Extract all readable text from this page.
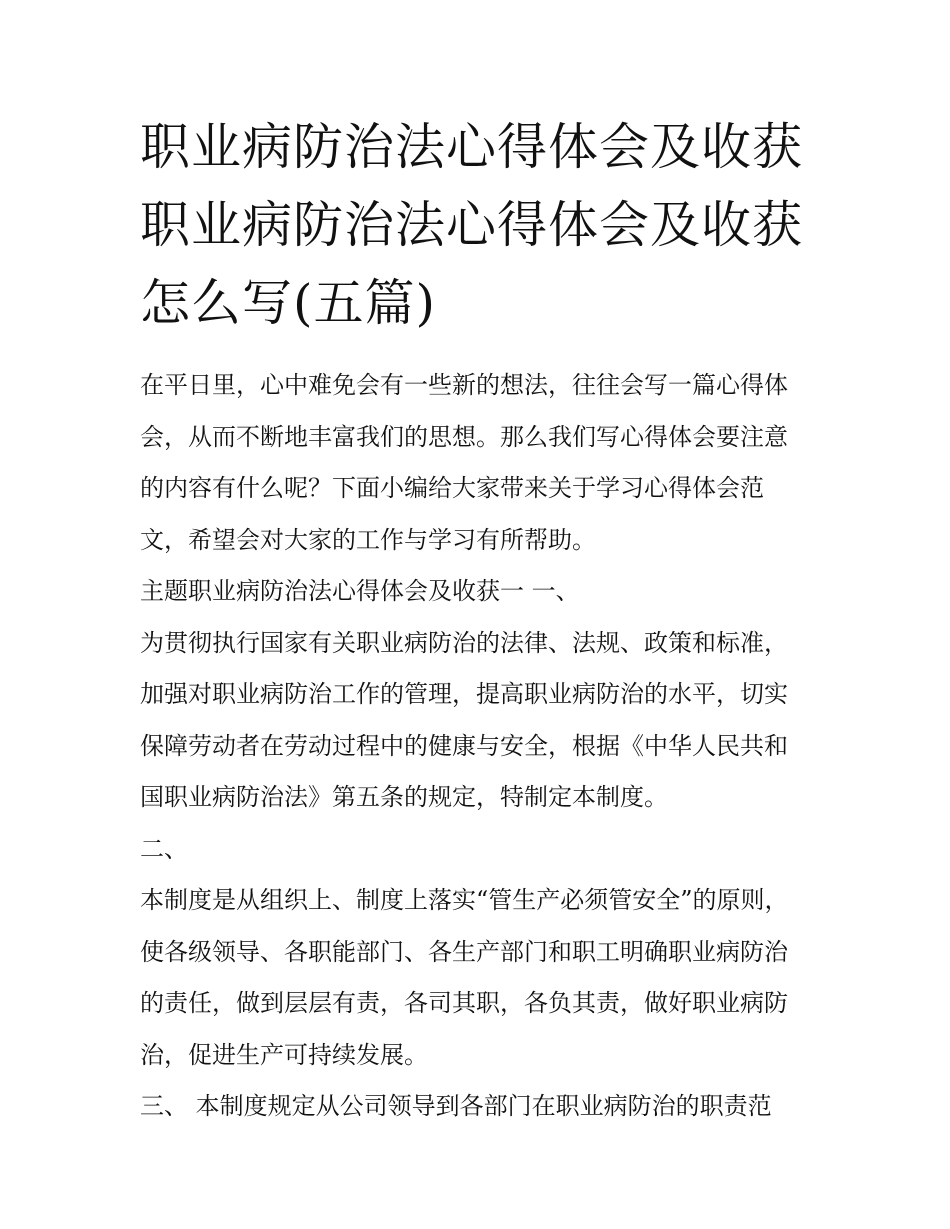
职业病防治法心得体会及收获
职业病防治法心得体会及收获
怎么写(五篇)

在平日里，心中难免会有一些新的想法，往往会写一篇心得体
会，从而不断地丰富我们的思想。那么我们写心得体会要注意
的内容有什么呢？下面小编给大家带来关于学习心得体会范
文，希望会对大家的工作与学习有所帮助。

主题职业病防治法心得体会及收获一 一、

为贯彻执行国家有关职业病防治的法律、法规、政策和标准，
加强对职业病防治工作的管理，提高职业病防治的水平，切实
保障劳动者在劳动过程中的健康与安全，根据《中华人民共和
国职业病防治法》第五条的规定，特制定本制度。

二、

本制度是从组织上、制度上落实“管生产必须管安全”的原则，
使各级领导、各职能部门、各生产部门和职工明确职业病防治
的责任，做到层层有责，各司其职，各负其责，做好职业病防
治，促进生产可持续发展。

三、 本制度规定从公司领导到各部门在职业病防治的职责范
